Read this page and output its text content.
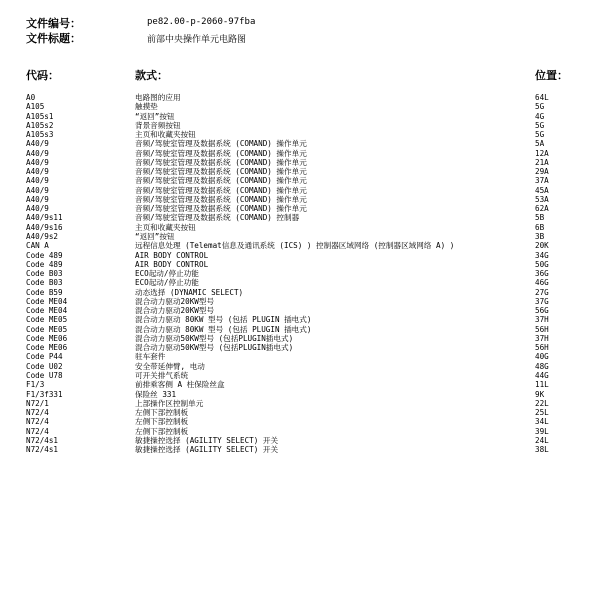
文件编号：	pe82.00-p-2060-97fba
文件标题：	前部中央操作单元电路图
代码：	款式：	位置：
A0	电路图的应用	64L
A105	触摸垫	5G
A105s1	“返回”按钮	4G
A105s2	背景音频按钮	5G
A105s3	主页和收藏夹按钮	5G
A40/9	音频/驾驶室管理及数据系统 (COMAND) 操作单元	5A
A40/9	音频/驾驶室管理及数据系统 (COMAND) 操作单元	12A
A40/9	音频/驾驶室管理及数据系统 (COMAND) 操作单元	21A
A40/9	音频/驾驶室管理及数据系统 (COMAND) 操作单元	29A
A40/9	音频/驾驶室管理及数据系统 (COMAND) 操作单元	37A
A40/9	音频/驾驶室管理及数据系统 (COMAND) 操作单元	45A
A40/9	音频/驾驶室管理及数据系统 (COMAND) 操作单元	53A
A40/9	音频/驾驶室管理及数据系统 (COMAND) 操作单元	62A
A40/9s11	音频/驾驶室管理及数据系统 (COMAND) 控制器	5B
A40/9s16	主页和收藏夹按钮	6B
A40/9s2	“返回”按钮	3B
CAN A	远程信息处理 (Telemat信息及通讯系统 (ICS) ) 控制器区域网络 (控制器区域网络 A) )	20K
Code 489	AIR BODY CONTROL	34G
Code 489	AIR BODY CONTROL	50G
Code B03	ECO起动/停止功能	36G
Code B03	ECO起动/停止功能	46G
Code B59	动态选择 (DYNAMIC SELECT)	27G
Code ME04	混合动力驱动20KW型号	37G
Code ME04	混合动力驱动20KW型号	56G
Code ME05	混合动力驱动 80KW 型号 (包括 PLUGIN 插电式)	37H
Code ME05	混合动力驱动 80KW 型号 (包括 PLUGIN 插电式)	56H
Code ME06	混合动力驱动50KW型号 (包括PLUGIN插电式)	37H
Code ME06	混合动力驱动50KW型号 (包括PLUGIN插电式)	56H
Code P44	驻车套件	40G
Code U02	安全带延伸臂, 电动	48G
Code U78	可开关排气系统	44G
F1/3	前排乘客侧 A 柱保险丝盒	11L
F1/3f331	保险丝 331	9K
N72/1	上部操作区控制单元	22L
N72/4	左侧下部控制板	25L
N72/4	左侧下部控制板	34L
N72/4	左侧下部控制板	39L
N72/4s1	敏捷操控选择 (AGILITY SELECT) 开关	24L
N72/4s1	敏捷操控选择 (AGILITY SELECT) 开关	38L
